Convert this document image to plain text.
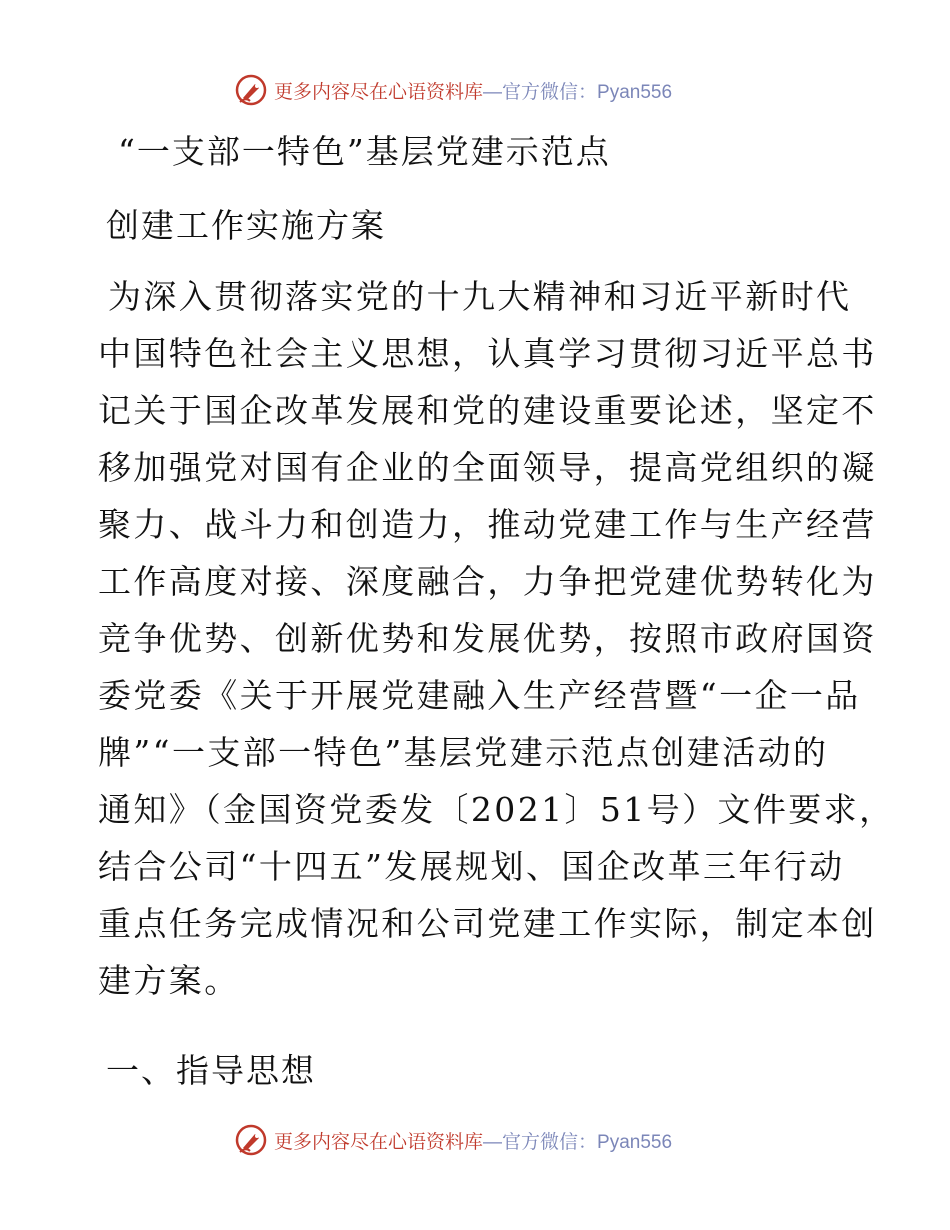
更多内容尽在心语资料库 —官方微信：Pyan556
“一支部一特色”基层党建示范点
创建工作实施方案
为深入贯彻落实党的十九大精神和习近平新时代
中国特色社会主义思想，认真学习贯彻习近平总书
记关于国企改革发展和党的建设重要论述，坚定不
移加强党对国有企业的全面领导，提高党组织的凝
聚力、战斗力和创造力，推动党建工作与生产经营
工作高度对接、深度融合，力争把党建优势转化为
竞争优势、创新优势和发展优势，按照市政府国资
委党委《关于开展党建融入生产经营暨“一企一品
牌”“一支部一特色”基层党建示范点创建活动的
通知》（金国资党委发〔2021〕51号）文件要求，
结合公司“十四五”发展规划、国企改革三年行动
重点任务完成情况和公司党建工作实际，制定本创
建方案。
一、指导思想
更多内容尽在心语资料库 —官方微信：Pyan556
